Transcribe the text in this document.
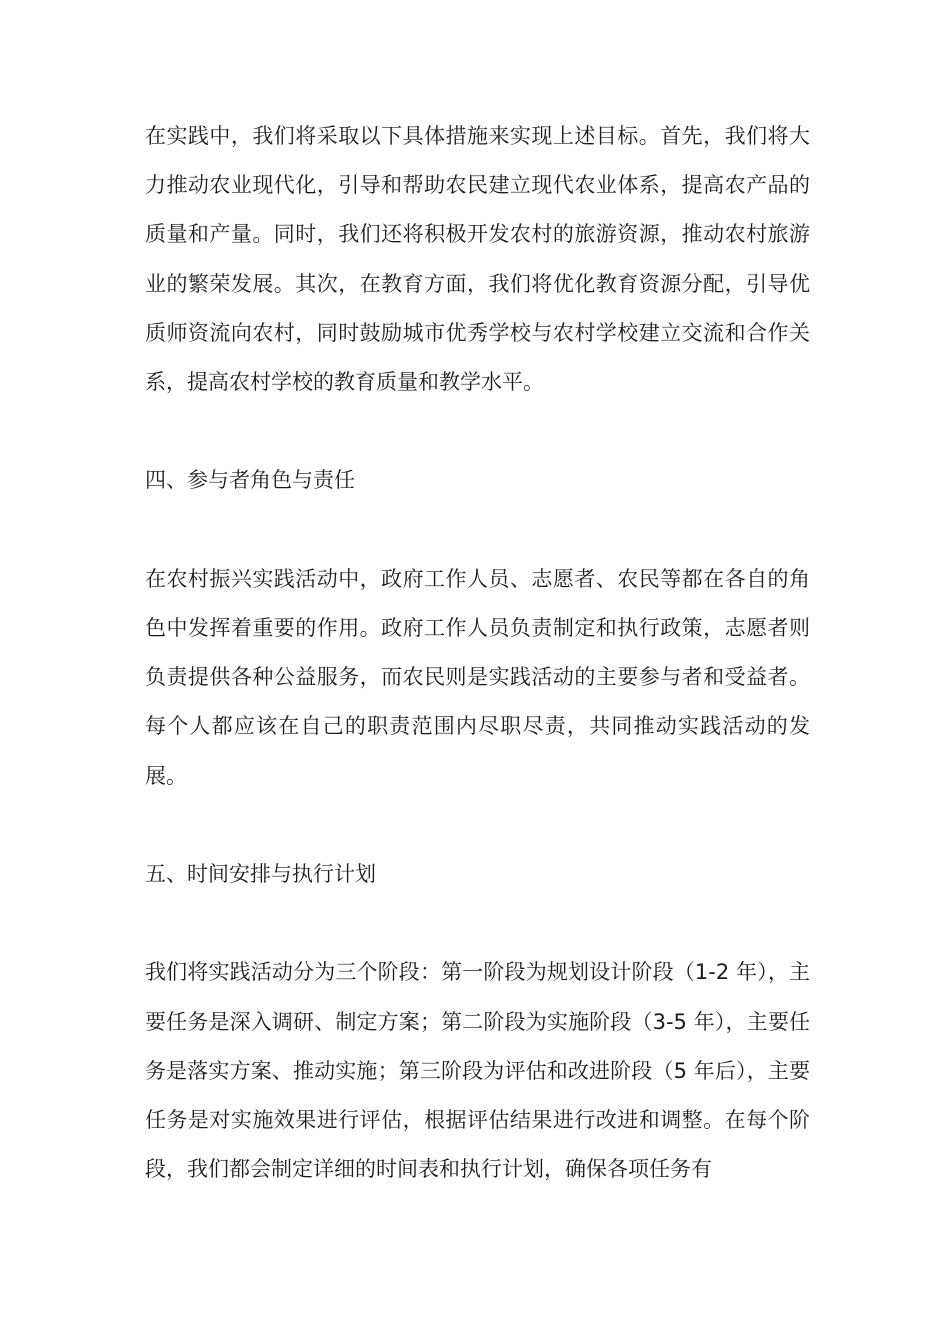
在实践中，我们将采取以下具体措施来实现上述目标。首先，我们将大力推动农业现代化，引导和帮助农民建立现代农业体系，提高农产品的质量和产量。同时，我们还将积极开发农村的旅游资源，推动农村旅游业的繁荣发展。其次，在教育方面，我们将优化教育资源分配，引导优质师资流向农村，同时鼓励城市优秀学校与农村学校建立交流和合作关系，提高农村学校的教育质量和教学水平。

四、参与者角色与责任

在农村振兴实践活动中，政府工作人员、志愿者、农民等都在各自的角色中发挥着重要的作用。政府工作人员负责制定和执行政策，志愿者则负责提供各种公益服务，而农民则是实践活动的主要参与者和受益者。每个人都应该在自己的职责范围内尽职尽责，共同推动实践活动的发展。

五、时间安排与执行计划

我们将实践活动分为三个阶段：第一阶段为规划设计阶段（1-2 年），主要任务是深入调研、制定方案；第二阶段为实施阶段（3-5 年），主要任务是落实方案、推动实施；第三阶段为评估和改进阶段（5 年后），主要任务是对实施效果进行评估，根据评估结果进行改进和调整。在每个阶段，我们都会制定详细的时间表和执行计划，确保各项任务有
